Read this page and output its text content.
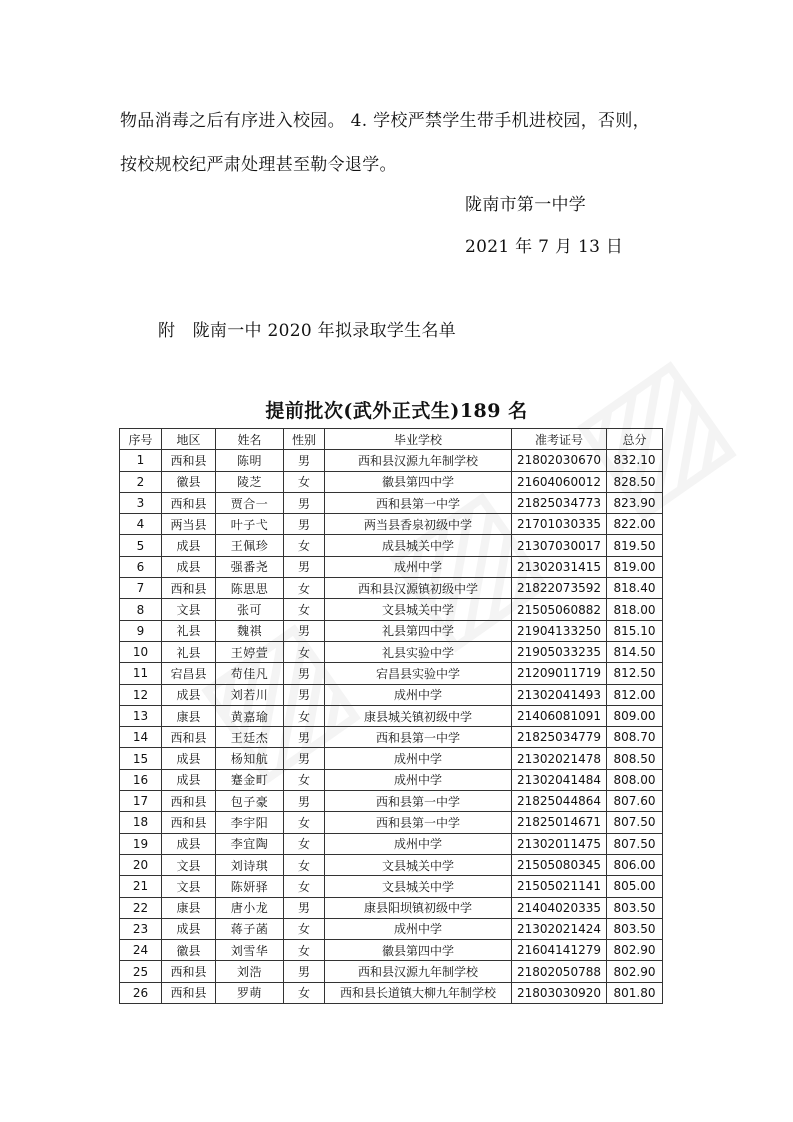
物品消毒之后有序进入校园。 4. 学校严禁学生带手机进校园，否则，
按校规校纪严肃处理甚至勒令退学。
陇南市第一中学
2021 年 7 月 13 日
附　陇南一中 2020 年拟录取学生名单
提前批次(武外正式生)189 名
序号	地区	姓名	性别	毕业学校	准考证号	总分
1	西和县	陈明	男	西和县汉源九年制学校	21802030670	832.10
2	徽县	陵芝	女	徽县第四中学	21604060012	828.50
3	西和县	贾合一	男	西和县第一中学	21825034773	823.90
4	两当县	叶子弋	男	两当县香泉初级中学	21701030335	822.00
5	成县	王佩珍	女	成县城关中学	21307030017	819.50
6	成县	强番尧	男	成州中学	21302031415	819.00
7	西和县	陈思思	女	西和县汉源镇初级中学	21822073592	818.40
8	文县	张可	女	文县城关中学	21505060882	818.00
9	礼县	魏祺	男	礼县第四中学	21904133250	815.10
10	礼县	王婷萱	女	礼县实验中学	21905033235	814.50
11	宕昌县	苟佳凡	男	宕昌县实验中学	21209011719	812.50
12	成县	刘若川	男	成州中学	21302041493	812.00
13	康县	黄嘉瑜	女	康县城关镇初级中学	21406081091	809.00
14	西和县	王廷杰	男	西和县第一中学	21825034779	808.70
15	成县	杨知航	男	成州中学	21302021478	808.50
16	成县	蹇金町	女	成州中学	21302041484	808.00
17	西和县	包子豪	男	西和县第一中学	21825044864	807.60
18	西和县	李宇阳	女	西和县第一中学	21825014671	807.50
19	成县	李宜陶	女	成州中学	21302011475	807.50
20	文县	刘诗琪	女	文县城关中学	21505080345	806.00
21	文县	陈妍驿	女	文县城关中学	21505021141	805.00
22	康县	唐小龙	男	康县阳坝镇初级中学	21404020335	803.50
23	成县	蒋子菡	女	成州中学	21302021424	803.50
24	徽县	刘雪华	女	徽县第四中学	21604141279	802.90
25	西和县	刘浩	男	西和县汉源九年制学校	21802050788	802.90
26	西和县	罗萌	女	西和县长道镇大柳九年制学校	21803030920	801.80
